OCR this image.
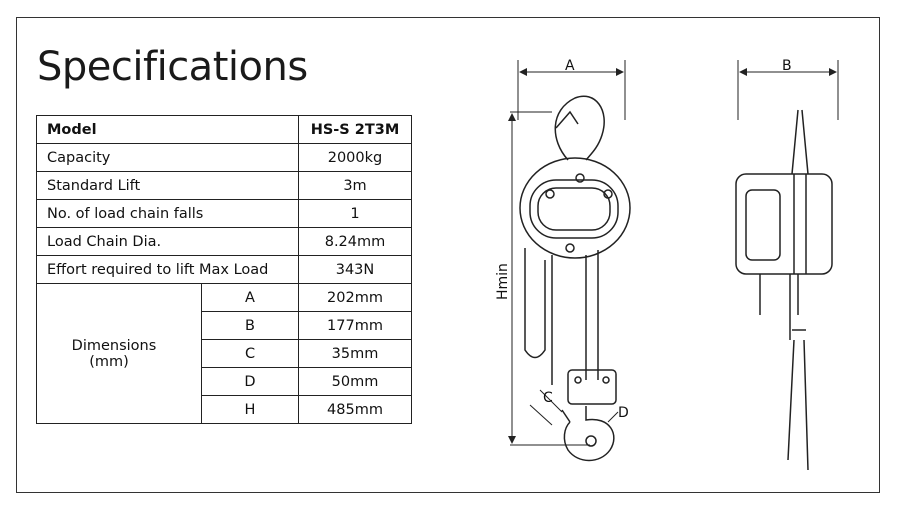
Specifications
Model		HS-S 2T3M
Capacity		2000kg
Standard Lift		3m
No. of load chain falls		1
Load Chain Dia.		8.24mm
Effort required to lift Max Load		343N

Dimensions
(mm)	A	202mm
	B	177mm
	C	35mm
	D	50mm
	H	485mm
A	B
C
D
Hmin
